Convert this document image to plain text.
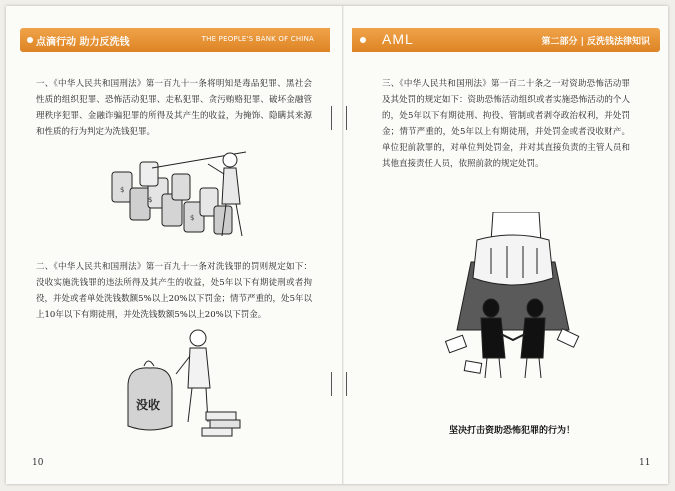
点滴行动 助力反洗钱	THE PEOPLE'S BANK OF CHINA

一、《中华人民共和国刑法》第一百九十一条将明知是毒品犯罪、黑社会性质的组织犯罪、恐怖活动犯罪、走私犯罪、贪污贿赂犯罪、破坏金融管理秩序犯罪、金融诈骗犯罪的所得及其产生的收益，为掩饰、隐瞒其来源和性质的行为判定为洗钱犯罪。

$
$
$

二、《中华人民共和国刑法》第一百九十一条对洗钱罪的罚则规定如下：没收实施洗钱罪的违法所得及其产生的收益，处5年以下有期徒刑或者拘役，并处或者单处洗钱数额5%以上20%以下罚金；情节严重的，处5年以上10年以下有期徒刑，并处洗钱数额5%以上20%以下罚金。

没收
10
AML	第二部分 | 反洗钱法律知识

三、《中华人民共和国刑法》第一百二十条之一对资助恐怖活动罪及其处罚的规定如下：资助恐怖活动组织或者实施恐怖活动的个人的，处5年以下有期徒刑、拘役、管制或者剥夺政治权利，并处罚金；情节严重的，处5年以上有期徒刑，并处罚金或者没收财产。单位犯前款罪的，对单位判处罚金，并对其直接负责的主管人员和其他直接责任人员，依照前款的规定处罚。

坚决打击资助恐怖犯罪的行为！
11
